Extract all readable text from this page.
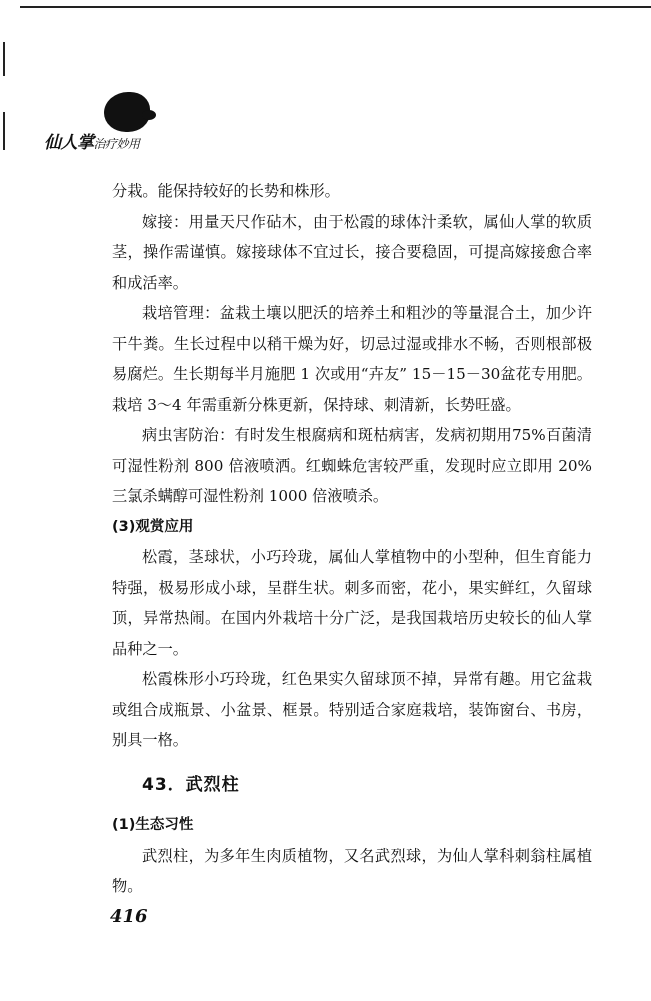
仙人掌治疗妙用

分栽。能保持较好的长势和株形。

嫁接：用量天尺作砧木，由于松霞的球体汁柔软，属仙人掌的软质茎，操作需谨慎。嫁接球体不宜过长，接合要稳固，可提高嫁接愈合率和成活率。

栽培管理：盆栽土壤以肥沃的培养土和粗沙的等量混合土，加少许干牛粪。生长过程中以稍干燥为好，切忌过湿或排水不畅，否则根部极易腐烂。生长期每半月施肥 1 次或用“卉友” 15－15－30盆花专用肥。栽培 3～4 年需重新分株更新，保持球、刺清新，长势旺盛。

病虫害防治：有时发生根腐病和斑枯病害，发病初期用75%百菌清可湿性粉剂 800 倍液喷洒。红蜘蛛危害较严重，发现时应立即用 20%三氯杀螨醇可湿性粉剂 1000 倍液喷杀。

(3)观赏应用

松霞，茎球状，小巧玲珑，属仙人掌植物中的小型种，但生育能力特强，极易形成小球，呈群生状。刺多而密，花小，果实鲜红，久留球顶，异常热闹。在国内外栽培十分广泛，是我国栽培历史较长的仙人掌品种之一。

松霞株形小巧玲珑，红色果实久留球顶不掉，异常有趣。用它盆栽或组合成瓶景、小盆景、框景。特别适合家庭栽培，装饰窗台、书房，别具一格。

43．武烈柱

(1)生态习性

武烈柱，为多年生肉质植物，又名武烈球，为仙人掌科刺翁柱属植物。

416
